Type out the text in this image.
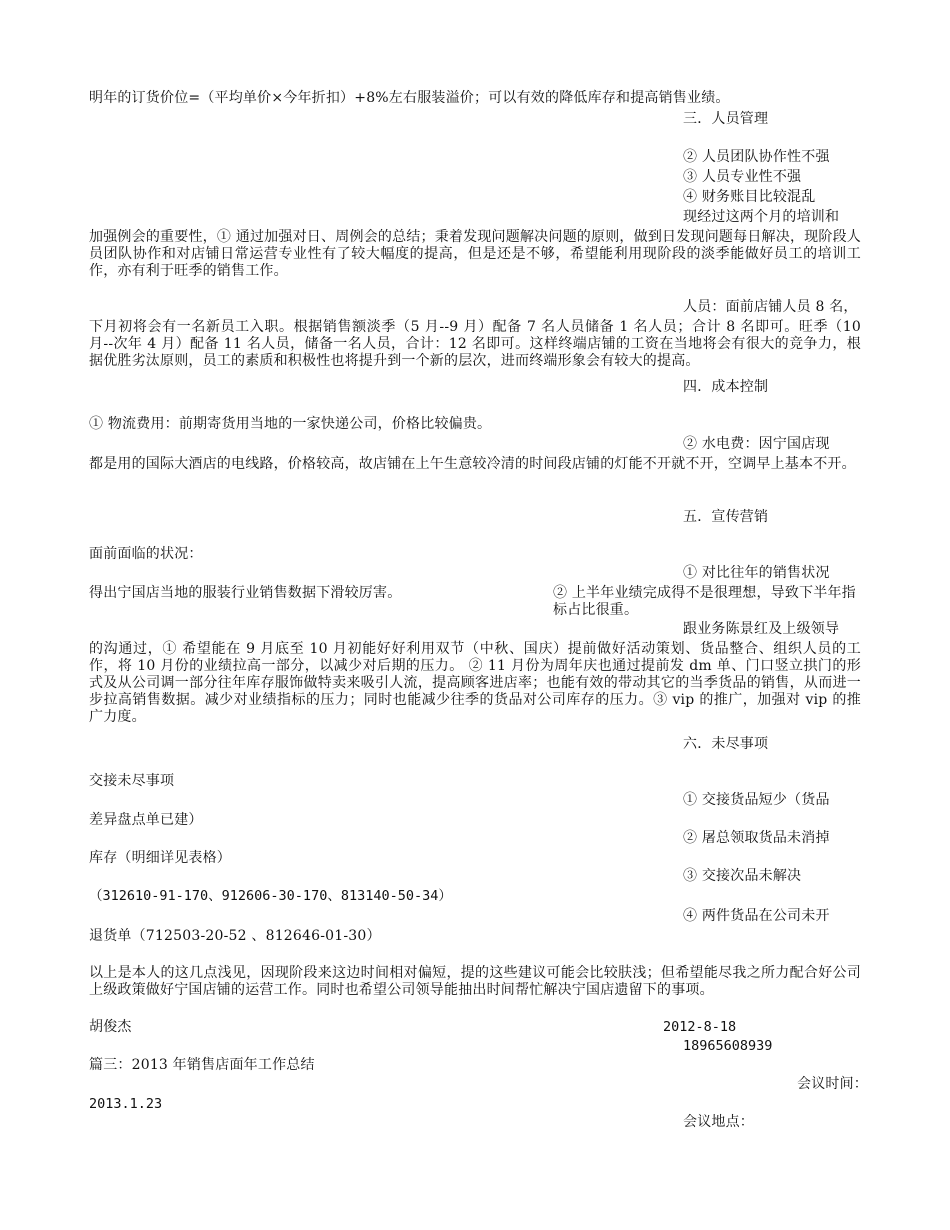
明年的订货价位=（平均单价×今年折扣）+8%左右服装溢价；可以有效的降低库存和提高销售业绩。
三．人员管理
② 人员团队协作性不强
③ 人员专业性不强
④ 财务账目比较混乱
现经过这两个月的培训和
加强例会的重要性，① 通过加强对日、周例会的总结；秉着发现问题解决问题的原则，做到日发现问题每日解决，现阶段人员团队协作和对店铺日常运营专业性有了较大幅度的提高，但是还是不够，希望能利用现阶段的淡季能做好员工的培训工作，亦有利于旺季的销售工作。
人员：面前店铺人员 8 名，
下月初将会有一名新员工入职。根据销售额淡季（5 月--9 月）配备 7 名人员储备 1 名人员；合计 8 名即可。旺季（10 月--次年 4 月）配备 11 名人员，储备一名人员，合计：12 名即可。这样终端店铺的工资在当地将会有很大的竞争力，根据优胜劣汰原则，员工的素质和积极性也将提升到一个新的层次，进而终端形象会有较大的提高。
四．成本控制
① 物流费用：前期寄货用当地的一家快递公司，价格比较偏贵。
② 水电费：因宁国店现
都是用的国际大酒店的电线路，价格较高，故店铺在上午生意较冷清的时间段店铺的灯能不开就不开，空调早上基本不开。
五．宣传营销
面前面临的状况：
① 对比往年的销售状况
得出宁国店当地的服装行业销售数据下滑较厉害。	② 上半年业绩完成得不是很理想，导致下半年指标占比很重。
跟业务陈景红及上级领导
的沟通过，① 希望能在 9 月底至 10 月初能好好利用双节（中秋、国庆）提前做好活动策划、货品整合、组织人员的工作，将 10 月份的业绩拉高一部分，以减少对后期的压力。 ② 11 月份为周年庆也通过提前发 dm 单、门口竖立拱门的形式及从公司调一部分往年库存服饰做特卖来吸引人流，提高顾客进店率；也能有效的带动其它的当季货品的销售，从而进一步拉高销售数据。减少对业绩指标的压力；同时也能减少往季的货品对公司库存的压力。③ vip 的推广，加强对 vip 的推广力度。
六．未尽事项
交接未尽事项
① 交接货品短少（货品
差异盘点单已建）
② 屠总领取货品未消掉
库存（明细详见表格）
③ 交接次品未解决
（312610-91-170、912606-30-170、813140-50-34）
④ 两件货品在公司未开
退货单（712503-20-52 、812646-01-30）
以上是本人的这几点浅见，因现阶段来这边时间相对偏短，提的这些建议可能会比较肤浅；但希望能尽我之所力配合好公司上级政策做好宁国店铺的运营工作。同时也希望公司领导能抽出时间帮忙解决宁国店遗留下的事项。
胡俊杰	2012-8-18
18965608939
篇三：2013 年销售店面年工作总结
会议时间：
2013.1.23
会议地点：
